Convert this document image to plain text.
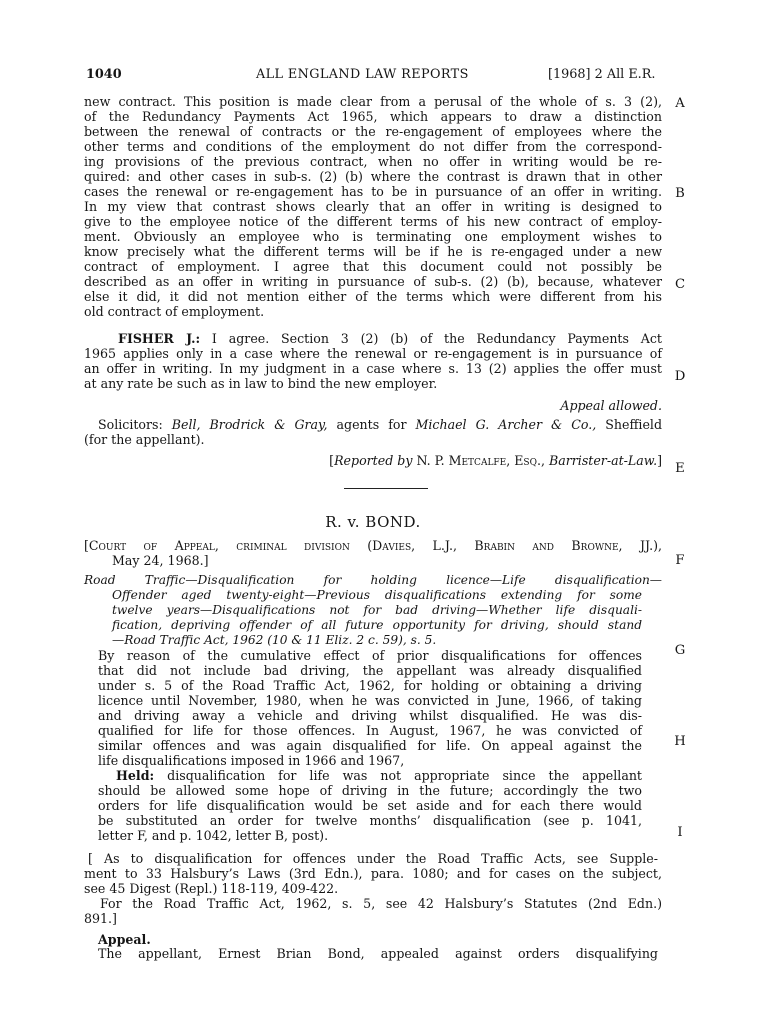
1040	ALL ENGLAND LAW REPORTS	[1968] 2 All E.R.
A
B
C
D
E
F
G
H
I
new contract. This position is made clear from a perusal of the whole of s. 3 (2),
of the Redundancy Payments Act 1965, which appears to draw a distinction
between the renewal of contracts or the re-engagement of employees where the
other terms and conditions of the employment do not differ from the correspond-
ing provisions of the previous contract, when no offer in writing would be re-
quired: and other cases in sub-s. (2) (b) where the contrast is drawn that in other
cases the renewal or re-engagement has to be in pursuance of an offer in writing.
In my view that contrast shows clearly that an offer in writing is designed to
give to the employee notice of the different terms of his new contract of employ-
ment. Obviously an employee who is terminating one employment wishes to
know precisely what the different terms will be if he is re-engaged under a new
contract of employment. I agree that this document could not possibly be
described as an offer in writing in pursuance of sub-s. (2) (b), because, whatever
else it did, it did not mention either of the terms which were different from his
old contract of employment.
FISHER J.: I agree. Section 3 (2) (b) of the Redundancy Payments Act
1965 applies only in a case where the renewal or re-engagement is in pursuance of
an offer in writing. In my judgment in a case where s. 13 (2) applies the offer must
at any rate be such as in law to bind the new employer.
Appeal allowed.
Solicitors: Bell, Brodrick & Gray, agents for Michael G. Archer & Co., Sheffield
(for the appellant).
[Reported by N. P. Metcalfe, Esq., Barrister-at-Law.]
R. v. BOND.
[Court of Appeal, criminal division (Davies, L.J., Brabin and Browne, JJ.),
May 24, 1968.]
Road Traffic—Disqualification for holding licence—Life disqualification—
Offender aged twenty-eight—Previous disqualifications extending for some
twelve years—Disqualifications not for bad driving—Whether life disquali-
fication, depriving offender of all future opportunity for driving, should stand
—Road Traffic Act, 1962 (10 & 11 Eliz. 2 c. 59), s. 5.
By reason of the cumulative effect of prior disqualifications for offences
that did not include bad driving, the appellant was already disqualified
under s. 5 of the Road Traffic Act, 1962, for holding or obtaining a driving
licence until November, 1980, when he was convicted in June, 1966, of taking
and driving away a vehicle and driving whilst disqualified. He was dis-
qualified for life for those offences. In August, 1967, he was convicted of
similar offences and was again disqualified for life. On appeal against the
life disqualifications imposed in 1966 and 1967,
Held: disqualification for life was not appropriate since the appellant
should be allowed some hope of driving in the future; accordingly the two
orders for life disqualification would be set aside and for each there would
be substituted an order for twelve months’ disqualification (see p. 1041,
letter F, and p. 1042, letter B, post).
[ As to disqualification for offences under the Road Traffic Acts, see Supple-
ment to 33 Halsbury’s Laws (3rd Edn.), para. 1080; and for cases on the subject,
see 45 Digest (Repl.) 118-119, 409-422.
For the Road Traffic Act, 1962, s. 5, see 42 Halsbury’s Statutes (2nd Edn.)
891.]
Appeal.
The appellant, Ernest Brian Bond, appealed against orders disqualifying
